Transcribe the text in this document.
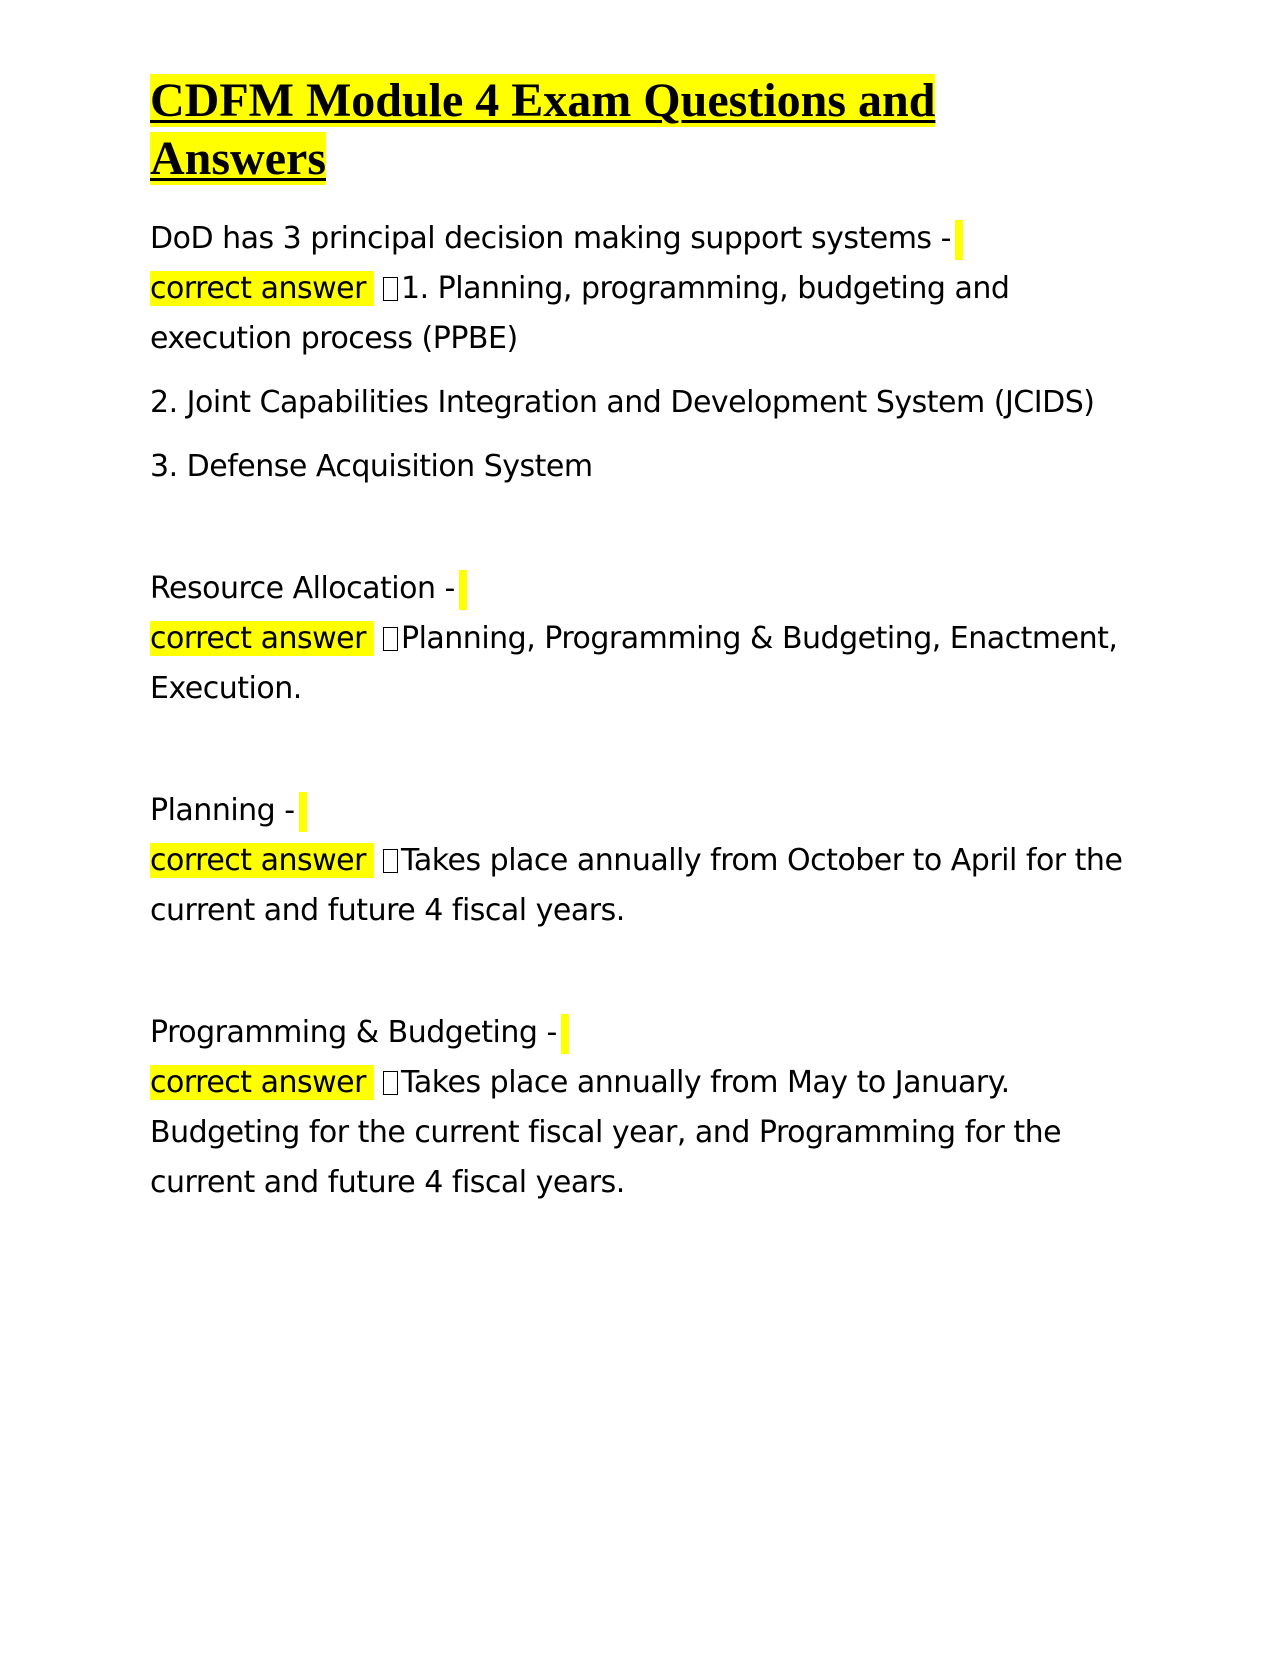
CDFM Module 4 Exam Questions and
Answers

DoD has 3 principal decision making support systems -

correct answer 1. Planning, programming, budgeting and execution process (PPBE)

2. Joint Capabilities Integration and Development System (JCIDS)

3. Defense Acquisition System

Resource Allocation -

correct answer Planning, Programming & Budgeting, Enactment, Execution.

Planning -

correct answer Takes place annually from October to April for the current and future 4 fiscal years.

Programming & Budgeting -

correct answer Takes place annually from May to January. Budgeting for the current fiscal year, and Programming for the current and future 4 fiscal years.
